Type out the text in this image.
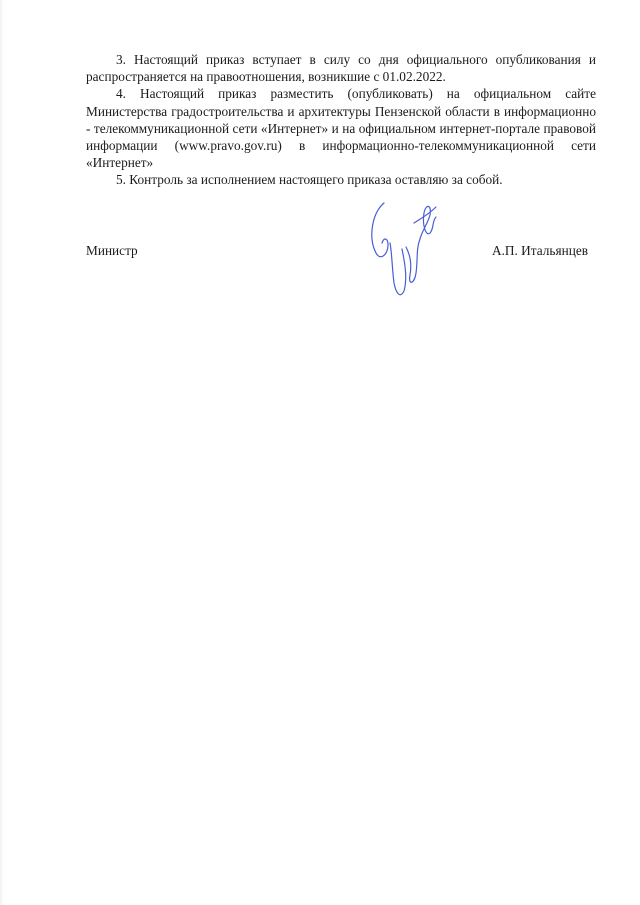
3. Настоящий приказ вступает в силу со дня официального опубликования и распространяется на правоотношения, возникшие с 01.02.2022.

4. Настоящий приказ разместить (опубликовать) на официальном сайте Министерства градостроительства и архитектуры Пензенской области в информационно - телекоммуникационной сети «Интернет» и на официальном интернет-портале правовой информации (www.pravo.gov.ru) в информационно-телекоммуникационной сети «Интернет»

5. Контроль за исполнением настоящего приказа оставляю за собой.

Министр	А.П. Итальянцев
